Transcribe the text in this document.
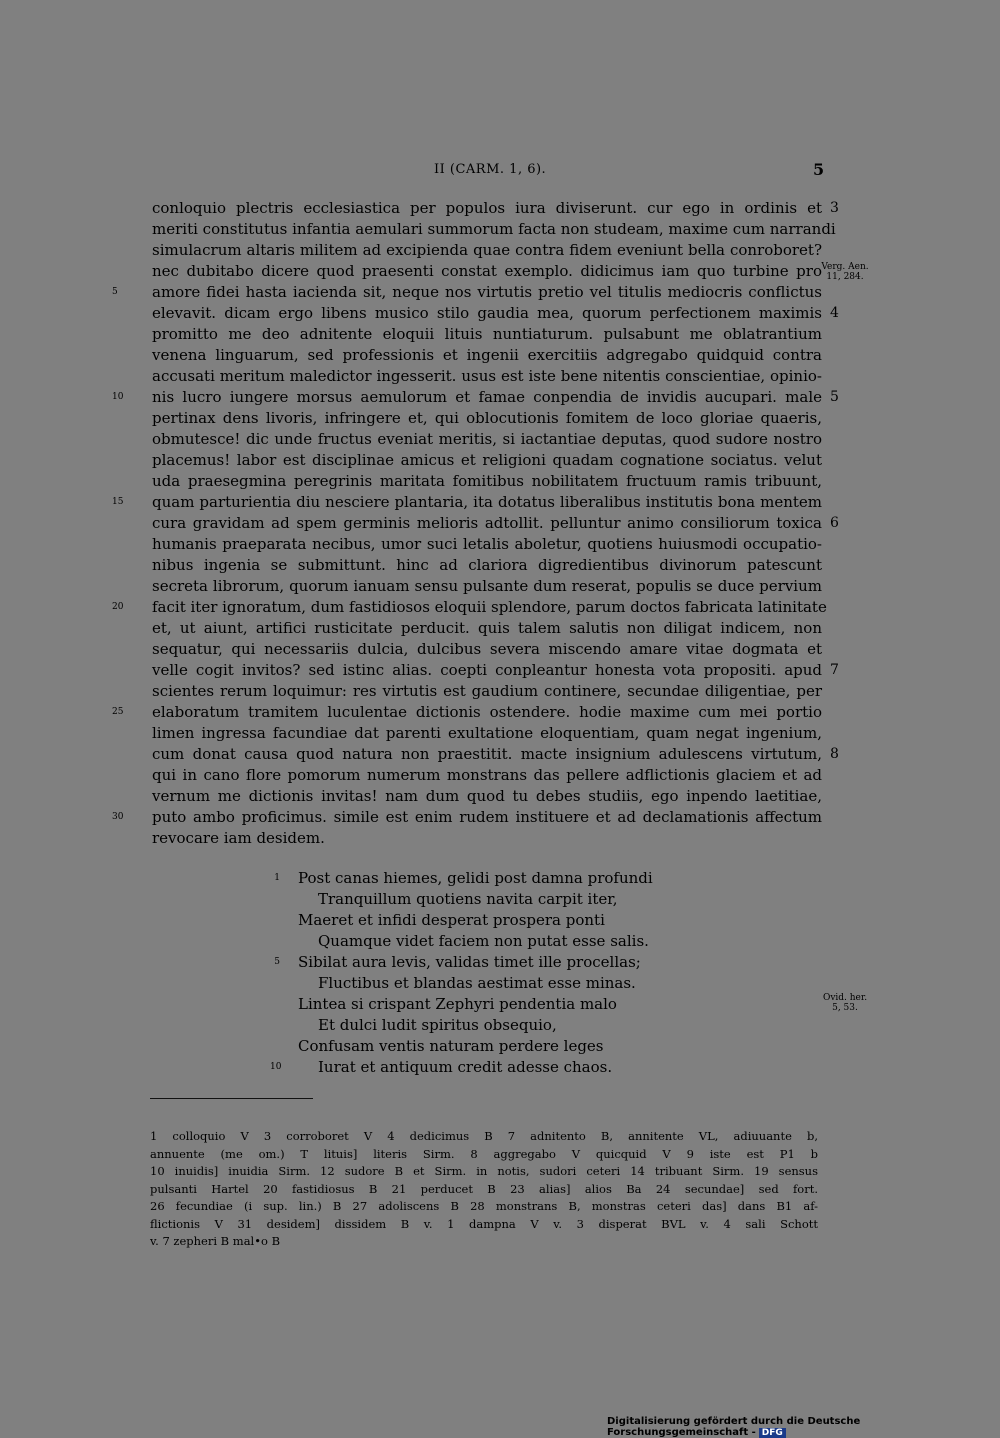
II (CARM. 1, 6).	5
conloquio plectris ecclesiastica per populos iura diviserunt. cur ego in ordinis et 3
meriti constitutus infantia aemulari summorum facta non studeam, maxime cum narrandi
simulacrum altaris militem ad excipienda quae contra fidem eveniunt bella conroboret?
nec dubitabo dicere quod praesenti constat exemplo. didicimus iam quo turbine pro
amore fidei hasta iacienda sit, neque nos virtutis pretio vel titulis mediocris conflictus
5
elevavit. dicam ergo libens musico stilo gaudia mea, quorum perfectionem maximis 4
promitto me deo adnitente eloquii lituis nuntiaturum. pulsabunt me oblatrantium
venena linguarum, sed professionis et ingenii exercitiis adgregabo quidquid contra
accusati meritum maledictor ingesserit. usus est iste bene nitentis conscientiae, opinio-
nis lucro iungere morsus aemulorum et famae conpendia de invidis aucupari. male
10	5
pertinax dens livoris, infringere et, qui oblocutionis fomitem de loco gloriae quaeris,
obmutesce! dic unde fructus eveniat meritis, si iactantiae deputas, quod sudore nostro
placemus! labor est disciplinae amicus et religioni quadam cognatione sociatus. velut
uda praesegmina peregrinis maritata fomitibus nobilitatem fructuum ramis tribuunt,
quam parturientia diu nesciere plantaria, ita dotatus liberalibus institutis bona mentem
15
cura gravidam ad spem germinis melioris adtollit. pelluntur animo consiliorum toxica 6
humanis praeparata necibus, umor suci letalis aboletur, quotiens huiusmodi occupatio-
nibus ingenia se submittunt. hinc ad clariora digredientibus divinorum patescunt
secreta librorum, quorum ianuam sensu pulsante dum reserat, populis se duce pervium
facit iter ignoratum, dum fastidiosos eloquii splendore, parum doctos fabricata latinitate
20
et, ut aiunt, artifici rusticitate perducit. quis talem salutis non diligat indicem, non
sequatur, qui necessariis dulcia, dulcibus severa miscendo amare vitae dogmata et
velle cogit invitos? sed istinc alias. coepti conpleantur honesta vota propositi. apud 7
scientes rerum loquimur: res virtutis est gaudium continere, secundae diligentiae, per
elaboratum tramitem luculentae dictionis ostendere. hodie maxime cum mei portio
25
limen ingressa facundiae dat parenti exultatione eloquentiam, quam negat ingenium,
cum donat causa quod natura non praestitit. macte insignium adulescens virtutum, 8
qui in cano flore pomorum numerum monstrans das pellere adflictionis glaciem et ad
vernum me dictionis invitas! nam dum quod tu debes studiis, ego inpendo laetitiae,
puto ambo proficimus. simile est enim rudem instituere et ad declamationis affectum
30
revocare iam desidem.
Verg. Aen.
11, 284.
1 Post canas hiemes, gelidi post damna profundi
Tranquillum quotiens navita carpit iter,
Maeret et infidi desperat prospera ponti
Quamque videt faciem non putat esse salis.
5 Sibilat aura levis, validas timet ille procellas;
Fluctibus et blandas aestimat esse minas.
Lintea si crispant Zephyri pendentia malo
Et dulci ludit spiritus obsequio,
Confusam ventis naturam perdere leges
10 Iurat et antiquum credit adesse chaos.
Ovid. her.
5, 53.
1 colloquio V 3 corroboret V 4 dedicimus B 7 adnitento B, annitente VL, adiuuante b,
annuente (me om.) T lituis] literis Sirm. 8 aggregabo V quicquid V 9 iste est P1 b
10 inuidis] inuidia Sirm. 12 sudore B et Sirm. in notis, sudori ceteri 14 tribuant Sirm. 19 sensus
pulsanti Hartel 20 fastidiosus B 21 perducet B 23 alias] alios Ba 24 secundae] sed fort.
26 fecundiae (i sup. lin.) B 27 adoliscens B 28 monstrans B, monstras ceteri das] dans B1 af-
flictionis V 31 desidem] dissidem B v. 1 dampna V v. 3 disperat BVL v. 4 sali Schott
v. 7 zepheri B mal•o B
Digitalisierung gefördert durch die Deutsche Forschungsgemeinschaft - DFG
